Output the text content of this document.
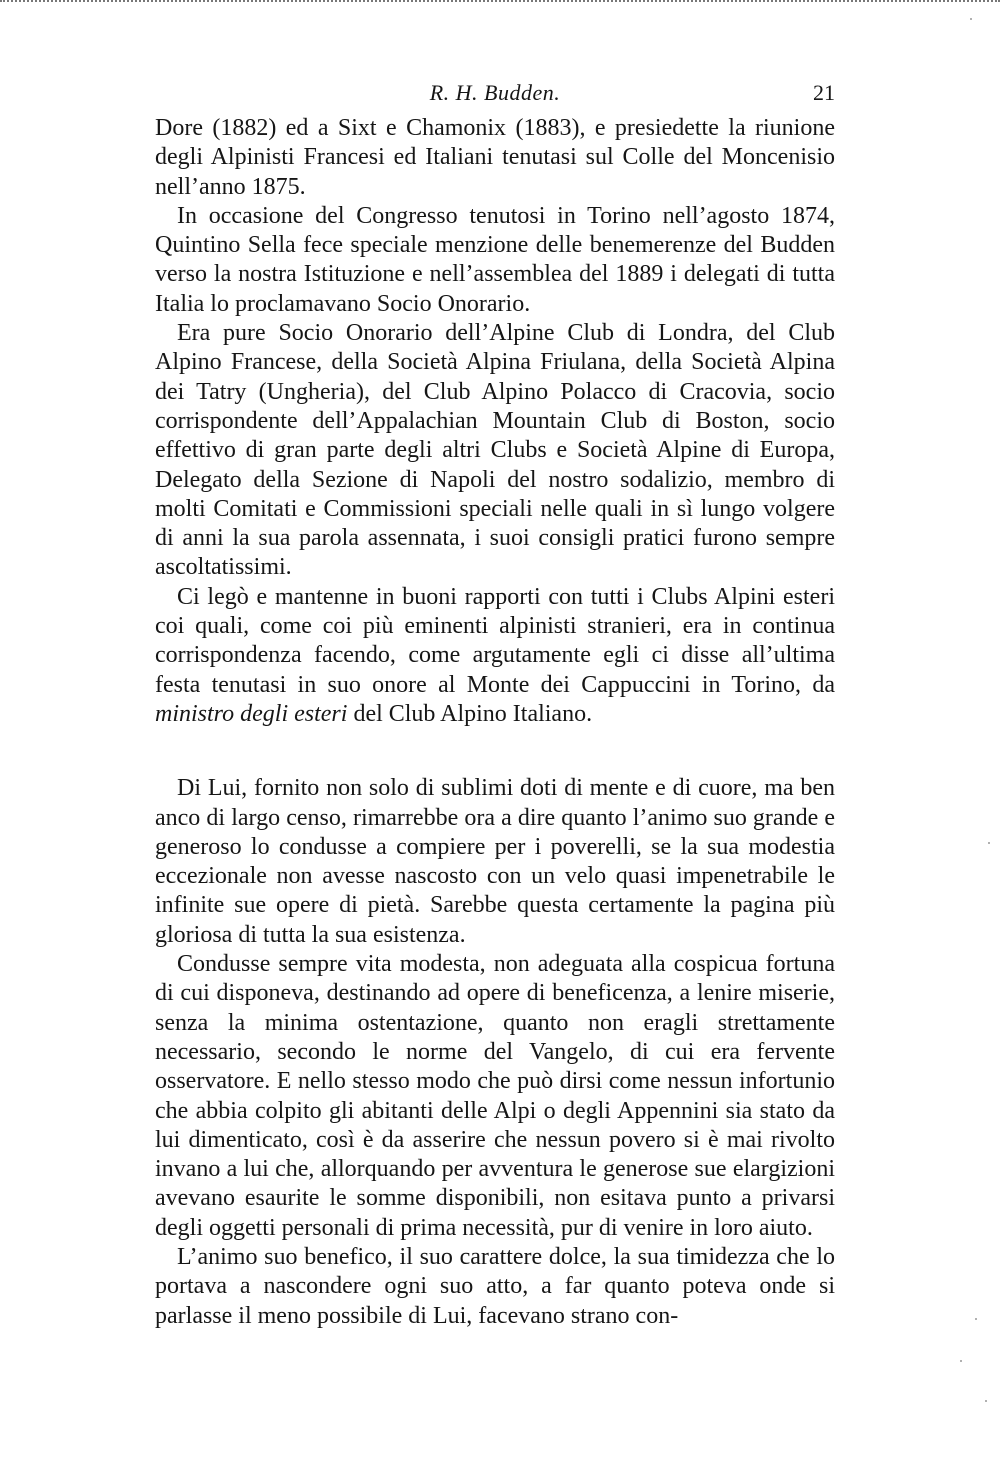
R. H. Budden.	21

Dore (1882) ed a Sixt e Chamonix (1883), e presiedette la riunione degli Alpinisti Francesi ed Italiani tenutasi sul Colle del Moncenisio nell’anno 1875.

In occasione del Congresso tenutosi in Torino nell’agosto 1874, Quintino Sella fece speciale menzione delle benemerenze del Budden verso la nostra Istituzione e nell’assemblea del 1889 i delegati di tutta Italia lo proclamavano Socio Onorario.

Era pure Socio Onorario dell’Alpine Club di Londra, del Club Alpino Francese, della Società Alpina Friulana, della Società Alpina dei Tatry (Ungheria), del Club Alpino Polacco di Cracovia, socio corrispondente dell’Appalachian Mountain Club di Boston, socio effettivo di gran parte degli altri Clubs e Società Alpine di Europa, Delegato della Sezione di Napoli del nostro sodalizio, membro di molti Comitati e Commissioni speciali nelle quali in sì lungo volgere di anni la sua parola assennata, i suoi consigli pratici furono sempre ascoltatissimi.

Ci legò e mantenne in buoni rapporti con tutti i Clubs Alpini esteri coi quali, come coi più eminenti alpinisti stranieri, era in continua corrispondenza facendo, come argutamente egli ci disse all’ultima festa tenutasi in suo onore al Monte dei Cappuccini in Torino, da ministro degli esteri del Club Alpino Italiano.

Di Lui, fornito non solo di sublimi doti di mente e di cuore, ma ben anco di largo censo, rimarrebbe ora a dire quanto l’animo suo grande e generoso lo condusse a compiere per i poverelli, se la sua modestia eccezionale non avesse nascosto con un velo quasi impenetrabile le infinite sue opere di pietà. Sarebbe questa certamente la pagina più gloriosa di tutta la sua esistenza.

Condusse sempre vita modesta, non adeguata alla cospicua fortuna di cui disponeva, destinando ad opere di beneficenza, a lenire miserie, senza la minima ostentazione, quanto non eragli strettamente necessario, secondo le norme del Vangelo, di cui era fervente osservatore. E nello stesso modo che può dirsi come nessun infortunio che abbia colpito gli abitanti delle Alpi o degli Appennini sia stato da lui dimenticato, così è da asserire che nessun povero si è mai rivolto invano a lui che, allorquando per avventura le generose sue elargizioni avevano esaurite le somme disponibili, non esitava punto a privarsi degli oggetti personali di prima necessità, pur di venire in loro aiuto.

L’animo suo benefico, il suo carattere dolce, la sua timidezza che lo portava a nascondere ogni suo atto, a far quanto poteva onde si parlasse il meno possibile di Lui, facevano strano con-
